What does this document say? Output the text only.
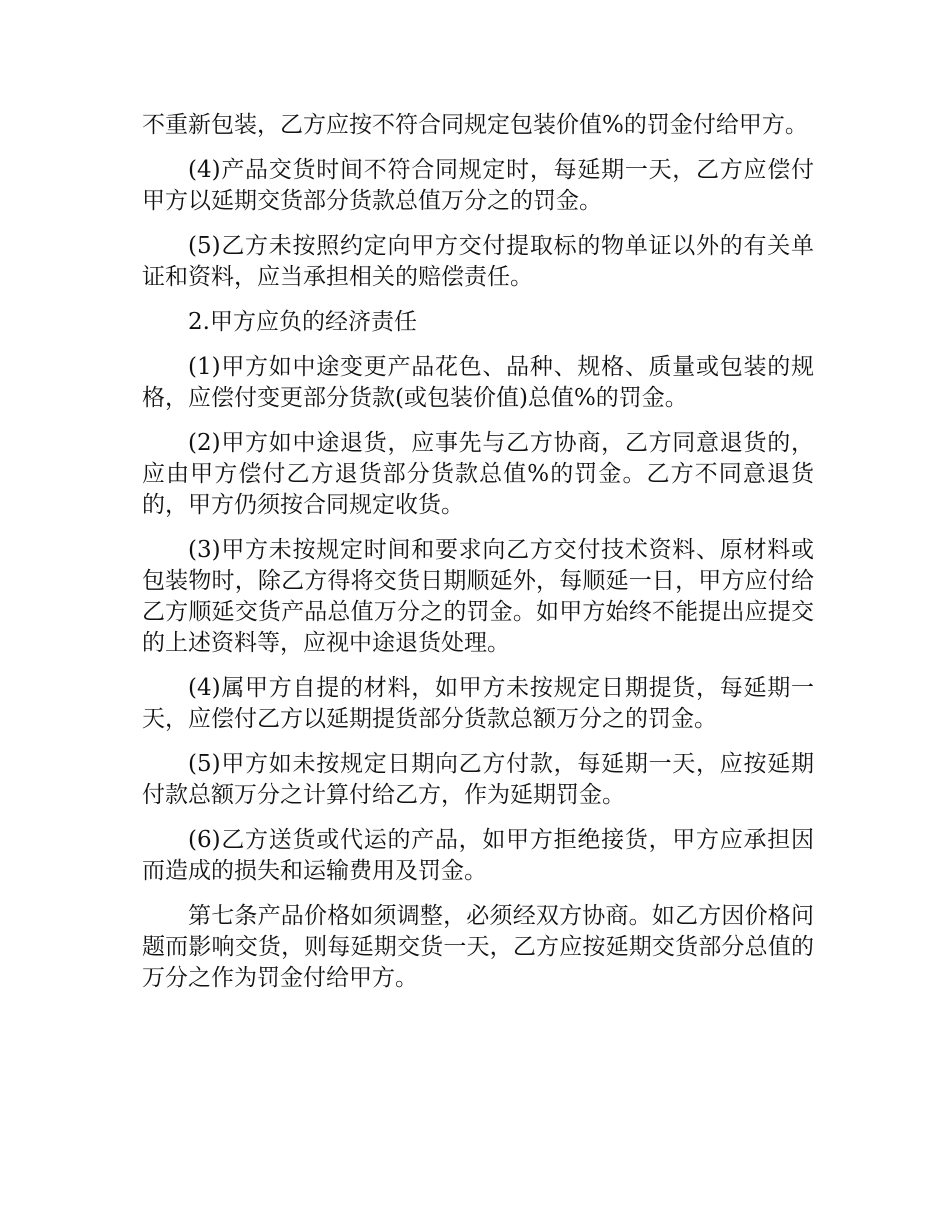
不重新包装，乙方应按不符合同规定包装价值%的罚金付给甲方。

(4)产品交货时间不符合同规定时，每延期一天，乙方应偿付甲方以延期交货部分货款总值万分之的罚金。

(5)乙方未按照约定向甲方交付提取标的物单证以外的有关单证和资料，应当承担相关的赔偿责任。

2.甲方应负的经济责任

(1)甲方如中途变更产品花色、品种、规格、质量或包装的规格，应偿付变更部分货款(或包装价值)总值%的罚金。

(2)甲方如中途退货，应事先与乙方协商，乙方同意退货的，应由甲方偿付乙方退货部分货款总值%的罚金。乙方不同意退货的，甲方仍须按合同规定收货。

(3)甲方未按规定时间和要求向乙方交付技术资料、原材料或包装物时，除乙方得将交货日期顺延外，每顺延一日，甲方应付给乙方顺延交货产品总值万分之的罚金。如甲方始终不能提出应提交的上述资料等，应视中途退货处理。

(4)属甲方自提的材料，如甲方未按规定日期提货，每延期一天，应偿付乙方以延期提货部分货款总额万分之的罚金。

(5)甲方如未按规定日期向乙方付款，每延期一天，应按延期付款总额万分之计算付给乙方，作为延期罚金。

(6)乙方送货或代运的产品，如甲方拒绝接货，甲方应承担因而造成的损失和运输费用及罚金。

第七条产品价格如须调整，必须经双方协商。如乙方因价格问题而影响交货，则每延期交货一天，乙方应按延期交货部分总值的万分之作为罚金付给甲方。
